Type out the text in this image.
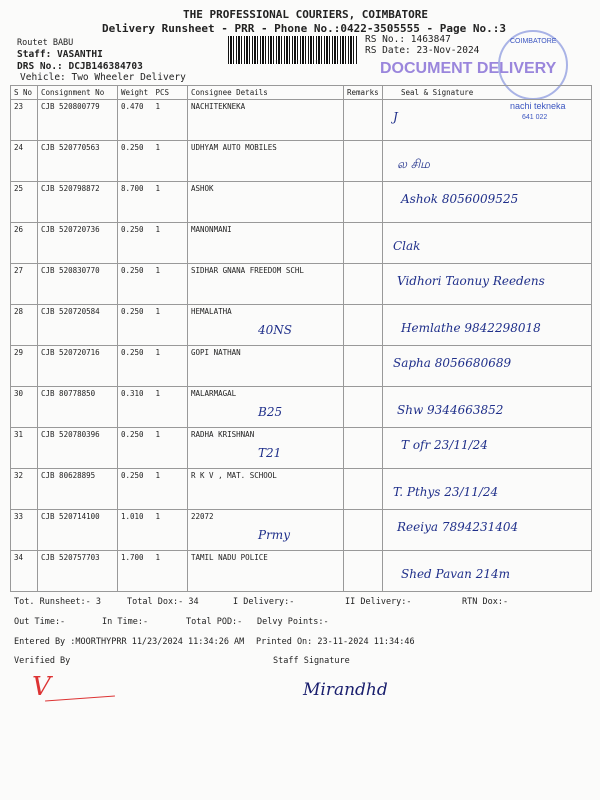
THE PROFESSIONAL COURIERS, COIMBATORE
Delivery Runsheet - PRR - Phone No.:0422-3505555 - Page No.:3
Routet BABU
Staff: VASANTHI
DRS No.: DCJB146384703
Vehicle: Two Wheeler Delivery
RS No.: 1463847
RS Date: 23-Nov-2024
COIMBATORE
DOCUMENT DELIVERY
nachi tekneka
641 022
S No	Consignment No	Weight	PCS	Consignee Details	Remarks	Seal & Signature
23	CJB 520800779	0.470	1	NACHITEKNEKA		J

24	CJB 520770563	0.250	1	UDHYAM AUTO MOBILES		ல சிம

25	CJB 520798872	8.700	1	ASHOK		Ashok 8056009525

26	CJB 520720736	0.250	1	MANONMANI		Clak

27	CJB 520830770	0.250	1	SIDHAR GNANA FREEDOM SCHL		Vidhori Taonuy Reedens

28	CJB 520720584	0.250	1	HEMALATHA
40NS		Hemlathe 9842298018

29	CJB 520720716	0.250	1	GOPI NATHAN		Sapha 8056680689

30	CJB 80778850	0.310	1	MALARMAGAL
B25		Shw 9344663852

31	CJB 520780396	0.250	1	RADHA KRISHNAN
T21		T ofr 23/11/24

32	CJB 80628895	0.250	1	R K V , MAT. SCHOOL		T. Pthys 23/11/24

33	CJB 520714100	1.010	1	22072
Prmy		Reeiya 7894231404

34	CJB 520757703	1.700	1	TAMIL NADU POLICE		Shed Pavan 214m
Tot. Runsheet:- 3	Total Dox:- 34	I Delivery:-	II Delivery:-	RTN Dox:-
Out Time:-	In Time:-	Total POD:- Delvy Points:-
Entered By :MOORTHYPRR 11/23/2024 11:34:26 AM Printed On: 23-11-2024 11:34:46
Verified By	Staff Signature
V	Mirandhd
